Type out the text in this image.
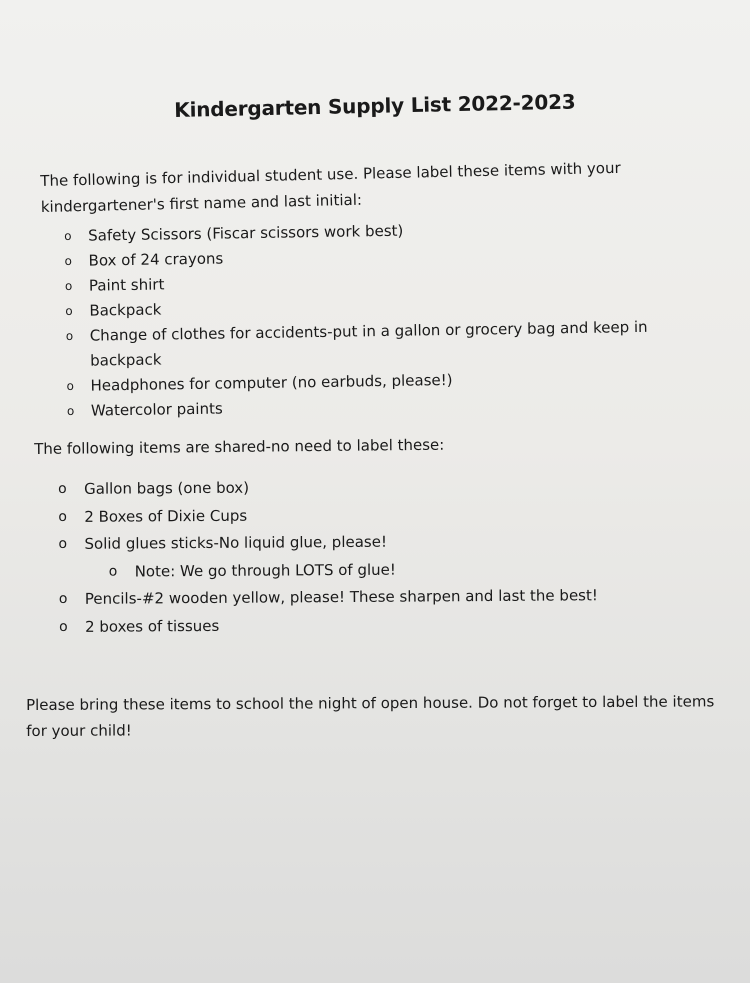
Kindergarten Supply List 2022-2023
The following is for individual student use. Please label these items with your kindergartener's first name and last initial:
o Safety Scissors (Fiscar scissors work best)
o Box of 24 crayons
o Paint shirt
o Backpack
o Change of clothes for accidents-put in a gallon or grocery bag and keep in backpack
o Headphones for computer (no earbuds, please!)
o Watercolor paints
The following items are shared-no need to label these:
o Gallon bags (one box)
o 2 Boxes of Dixie Cups
o Solid glues sticks-No liquid glue, please!
o Note: We go through LOTS of glue!
o Pencils-#2 wooden yellow, please! These sharpen and last the best!
o 2 boxes of tissues
Please bring these items to school the night of open house. Do not forget to label the items for your child!
